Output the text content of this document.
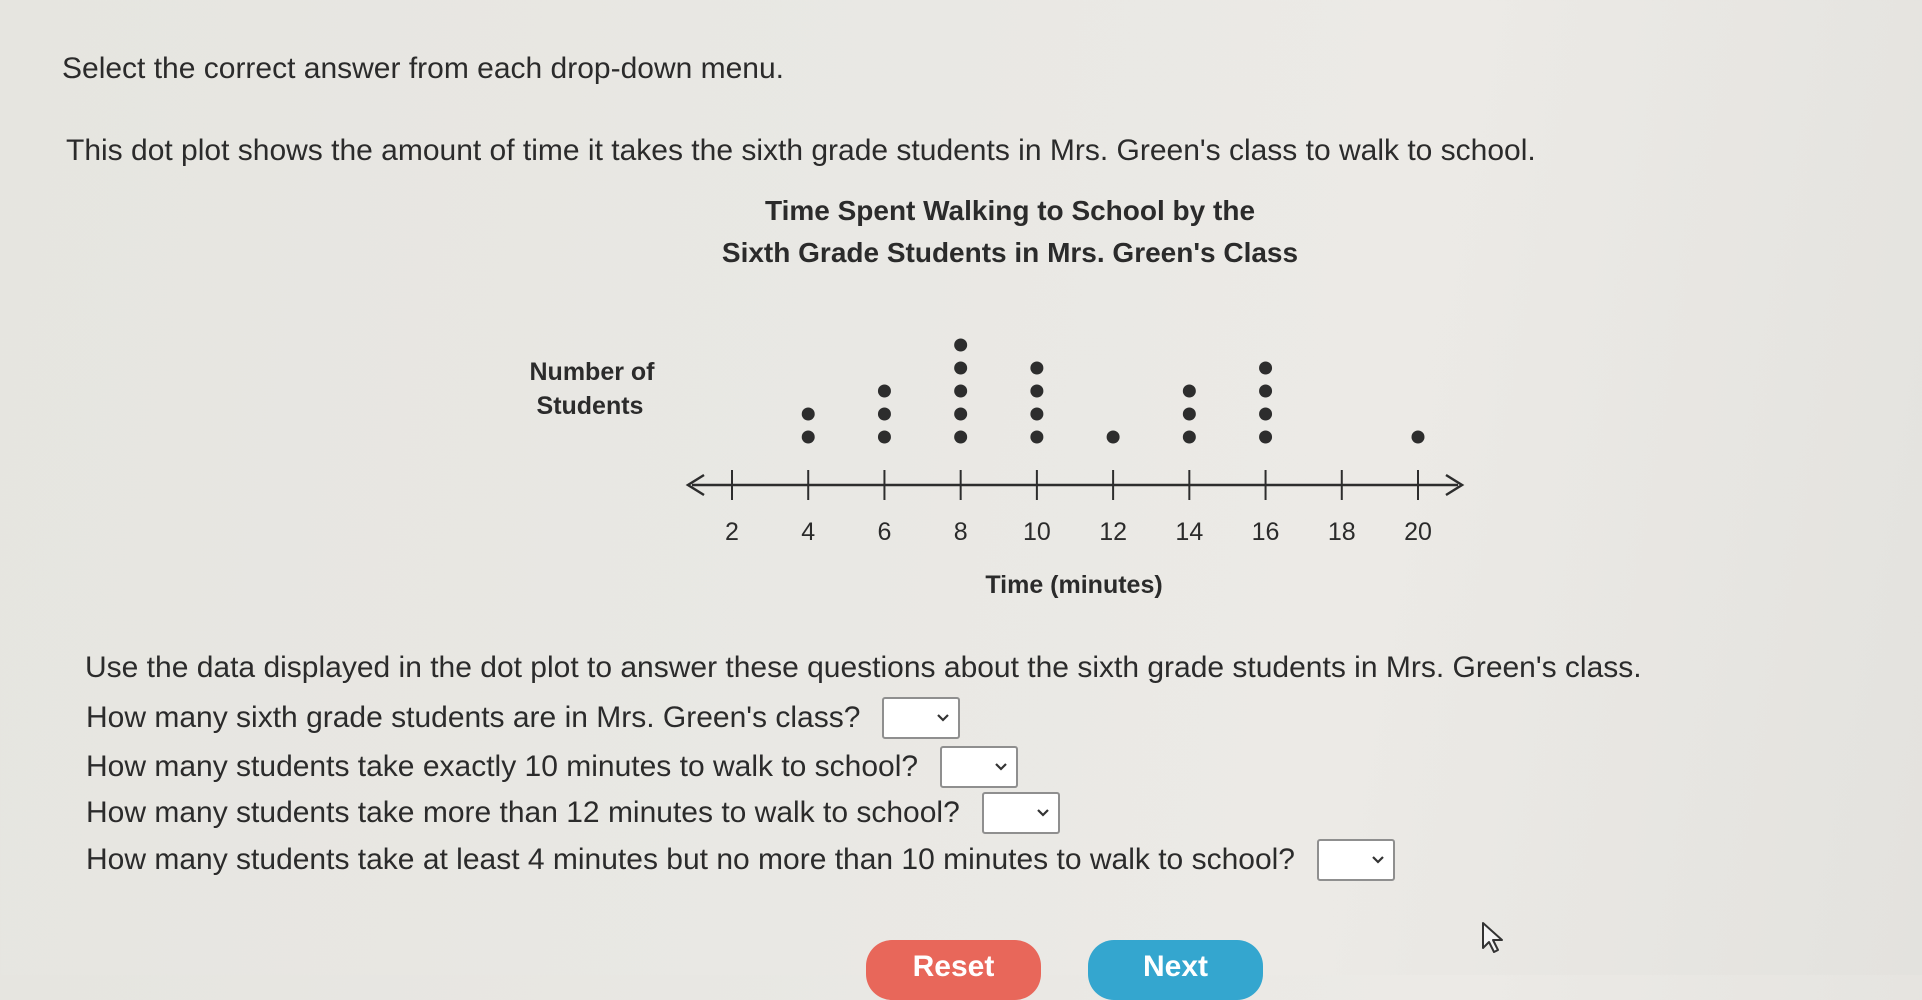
Select the correct answer from each drop-down menu.
This dot plot shows the amount of time it takes the sixth grade students in Mrs. Green's class to walk to school.
Time Spent Walking to School by the
Sixth Grade Students in Mrs. Green's Class
Number of
Students
Time (minutes)
2 4 6 8 10 12 14 16 18 20
Use the data displayed in the dot plot to answer these questions about the sixth grade students in Mrs. Green's class.
How many sixth grade students are in Mrs. Green's class?
How many students take exactly 10 minutes to walk to school?
How many students take more than 12 minutes to walk to school?
How many students take at least 4 minutes but no more than 10 minutes to walk to school?
Reset	Next
